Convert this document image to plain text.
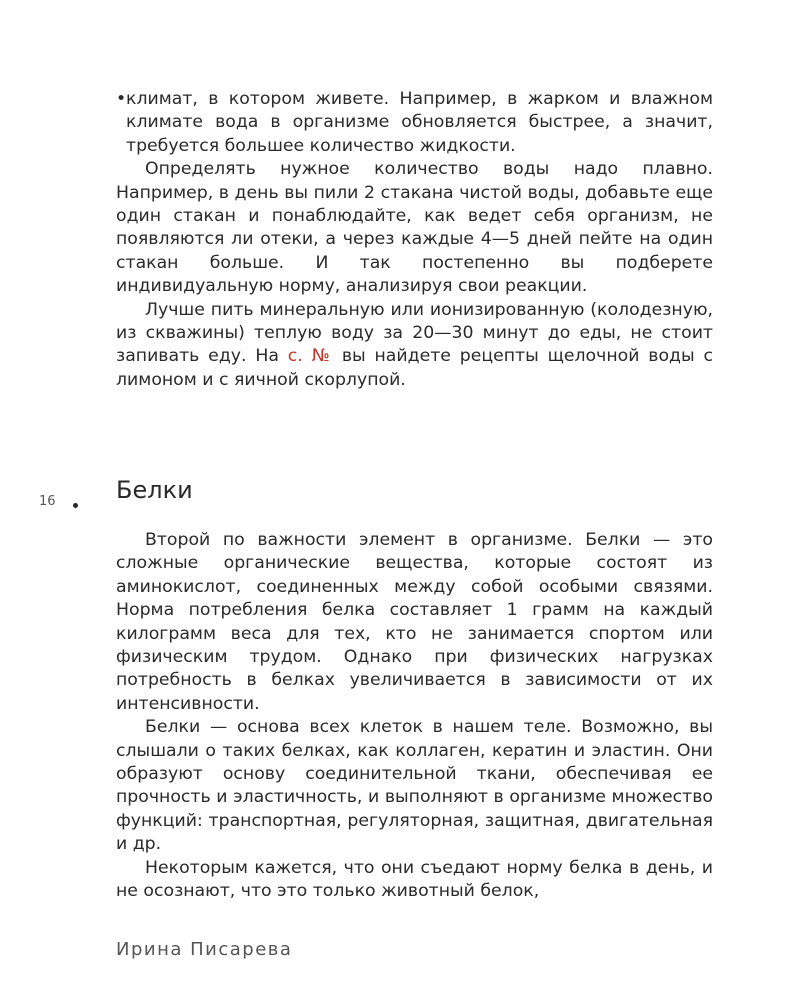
• климат, в котором живете. Например, в жарком и влажном климате вода в организме обновляется быстрее, а значит, требуется большее количество жидкости.

Определять нужное количество воды надо плавно. Например, в день вы пили 2 стакана чистой воды, добавьте еще один стакан и понаблюдайте, как ведет себя организм, не появляются ли отеки, а через каждые 4—5 дней пейте на один стакан больше. И так постепенно вы подберете индивидуальную норму, анализируя свои реакции.

Лучше пить минеральную или ионизированную (колодезную, из скважины) теплую воду за 20—30 минут до еды, не стоит запивать еду. На с. № вы найдете рецепты щелочной воды с лимоном и с яичной скорлупой.

16	Белки

Второй по важности элемент в организме. Белки — это сложные органические вещества, которые состоят из аминокислот, соединенных между собой особыми связями. Норма потребления белка составляет 1 грамм на каждый килограмм веса для тех, кто не занимается спортом или физическим трудом. Однако при физических нагрузках потребность в белках увеличивается в зависимости от их интенсивности.

Белки — основа всех клеток в нашем теле. Возможно, вы слышали о таких белках, как коллаген, кератин и эластин. Они образуют основу соединительной ткани, обеспечивая ее прочность и эластичность, и выполняют в организме множество функций: транспортная, регуляторная, защитная, двигательная и др.

Некоторым кажется, что они съедают норму белка в день, и не осознают, что это только животный белок,

Ирина Писарева
